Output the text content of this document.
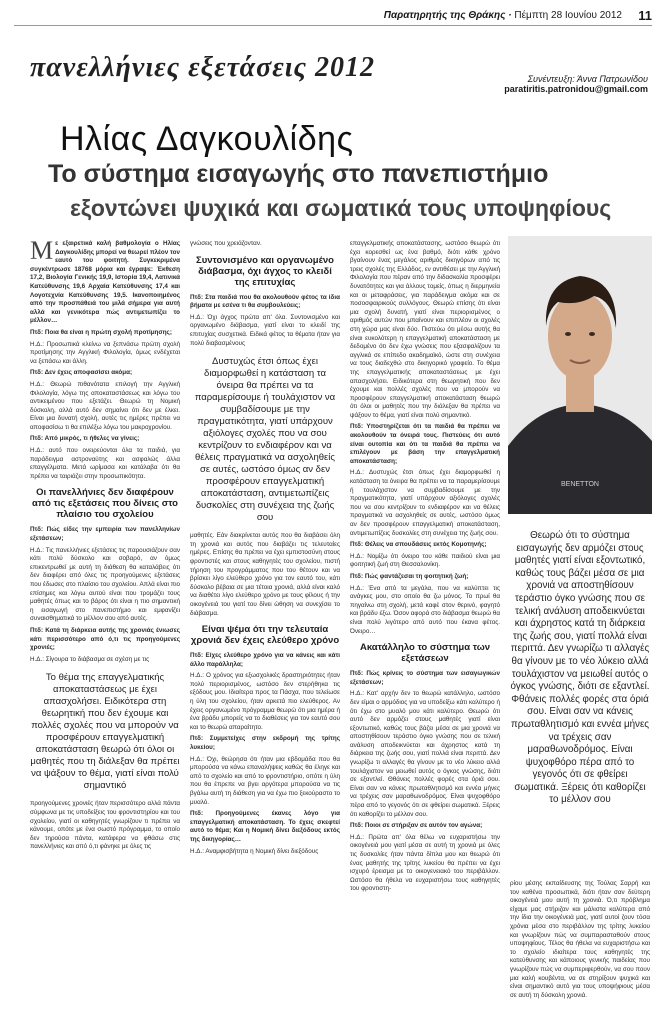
Παρατηρητής της Θράκης · Πέμπτη 28 Ιουνίου 2012 11
πανελλήνιες εξετάσεις 2012	Συνέντευξη: Άννα Πατρωνίδου
paratiritis.patronidou@gmail.com
Ηλίας Δαγκουλίδης
Το σύστημα εισαγωγής στο πανεπιστήμιο
εξοντώνει ψυχικά και σωματικά τους υποψηφίους

Με εξαιρετικά καλή βαθμολογία ο Ηλίας Δαγκουλίδης μπορεί να θεωρεί πλέον τον εαυτό του φοιτητή. Συγκεκριμένα συγκέντρωσε 18768 μόρια και έγραψε: Έκθεση 17,2, Βιολογία Γενικής 19,9, Ιστορία 19,4, Λατινικά Κατεύθυνσης 19,6 Αρχαία Κατεύθυνσης 17,4 και Λογοτεχνία Κατεύθυνσης 19,5. Ικανοποιημένος από την προσπάθειά του μιλά σήμερα για αυτή αλλά και γενικότερα πώς αντιμετωπίζει το μέλλον…

Πτδ: Ποια θα είναι η πρώτη σχολή προτίμησης;

Η.Δ.: Προσωπικά κλείνω να ξεπνάσω πρώτη σχολή προτίμησης την Αγγλική Φιλολογία, όμως ενδέχεται να ξεπάσω και άλλη.

Πτδ: Δεν έχεις αποφασίσει ακόμα;

Η.Δ.: Θεωρώ πιθανότατα επιλογή την Αγγλική Φιλολογία, λόγω της αποκαταστάσεως και λόγω του αντικειμένου που εξετάζει. Θεωρώ τη Νομική δύσκολη, αλλά αυτό δεν σημαίνει ότι δεν με έλκει. Είναι μια δυνατή σχολή, αυτές τις ημέρες πρέπει να αποφασίσω τι θα επιλέξω λόγω του μακροχρονίου.

Πτδ: Από μικρός, τι ήθελες να γίνεις;

Η.Δ.: αυτό που ονειρεύονται όλα τα παιδιά, για παράδειγμα αστροναύτης και ασφαλώς άλλα επαγγέλματα. Μετά ωρίμασα και κατάλαβα ότι θα πρέπει να ταιριάζει στην προσωπικότητα.

Οι πανελλήνιες δεν διαφέρουν από τις εξετάσεις που δίνεις στο πλαίσιο του σχολείου

Πτδ: Πώς είδες την εμπειρία των πανελληνίων εξετάσεων;

Η.Δ.: Τις πανελλήνιες εξετάσεις τις παρουσιάζουν σαν κάτι πολύ δύσκολο και σοβαρό, αν όμως επικεντρωθεί με αυτή τη διάθεση θα καταλάβεις ότι δεν διαφέρει από όλες τις προηγούμενες εξετάσεις που έδωσες στο πλαίσιο του σχολείου. Απλά είναι πιο επίσημες και λόγω αυτού είναι που τρομάζει τους μαθητές όπως και το βάρος ότι είναι η πιο σημαντική η εισαγωγή στο πανεπιστήμιο και εμφανίζει συναισθηματικά το μέλλον σου από αυτές.

Πτδ: Κατά τη διάρκεια αυτής της χρονιάς ένιωσες κάτι περισσότερο από ό,τι τις προηγούμενες χρονιές;

Η.Δ.: Σίγουρα το διάβασμα σε σχέση με τις

Το θέμα της επαγγελματικής αποκαταστάσεως με έχει απασχολήσει. Ειδικότερα στη θεωρητική που δεν έχουμε και πολλές σχολές που να μπορούν να προσφέρουν επαγγελματική αποκατάσταση θεωρώ ότι όλοι οι μαθητές που τη διάλεξαν θα πρέπει να ψάξουν το θέμα, γιατί είναι πολύ σημαντικό

προηγούμενες χρονιές ήταν περισσότερο αλλά πάντα σύμφωνα με τις υποδείξεις του φροντιστηρίου και του σχολείου, γιατί οι καθηγητές γνωρίζουν τι πρέπει να κάνουμε, οπότε με ένα σωστό πρόγραμμα, το οποίο δεν τηρούσα πάντα, κατάφερα να φθάσω στις πανελλήνιες και από ό,τι φάνηκε με όλες τις

γνώσεις που χρειάζονταν.

Συντονισμένο και οργανωμένο διάβασμα, όχι άγχος το κλειδί της επιτυχίας

Πτδ: Στα παιδιά που θα ακολουθούν φέτος τα ίδια βήματα με εσένα τι θα συμβουλεύεις;

Η.Δ.: Όχι άγχος πρώτα απ' όλα. Συντονισμένο και οργανωμένο διάβασμα, γιατί είναι το κλειδί της επιτυχίας συσχετικά. Ειδικά φέτος τα θέματα ήταν για πολύ διαβασμένους

Δυστυχώς έτσι όπως έχει διαμορφωθεί η κατάσταση τα όνειρα θα πρέπει να τα παραμερίσουμε ή τουλάχιστον να συμβαδίσουμε με την πραγματικότητα, γιατί υπάρχουν αξιόλογες σχολές που να σου κεντρίζουν το ενδιαφέρον και να θέλεις πραγματικά να ασχοληθείς σε αυτές, ωστόσο όμως αν δεν προσφέρουν επαγγελματική αποκατάσταση, αντιμετωπίζεις δυσκολίες στη συνέχεια της ζωής σου

μαθητές. Εάν διακρίνεται αυτός που θα διαβάσει όλη τη χρονιά και αυτός που διαβάζει τις τελευταίες ημέρες. Επίσης θα πρέπει να έχει εμπιστοσύνη στους φροντιστές και στους καθηγητές του σχολείου, πιστή τήρηση του προγράμματος που του θέτουν και να βρίσκει λίγο ελεύθερο χρόνο για τον εαυτό του, κάτι δύσκολο βέβαια σε μια τέτοια χρονιά, αλλά είναι καλό να διαθέτει λίγο ελεύθερο χρόνο με τους φίλους ή την οικογένειά του γιατί του δίνει ώθηση να συνεχίσει το διάβασμα.

Είναι ψέμα ότι την τελευταία χρονιά δεν έχεις ελεύθερο χρόνο

Πτδ: Είχες ελεύθερο χρόνο για να κάνεις και κάτι άλλο παράλληλα;

Η.Δ.: Ο χρόνος για εξωσχολικές δραστηριότητες ήταν πολύ περιορισμένος, ωστόσο δεν στερήθηκα τις εξόδους μου. Ιδιαίτερα προς τα Πάσχα, που τελείωσε η ύλη του σχολείου, ήταν αρκετά πιο ελεύθερος. Αν έχεις οργανωμένο πρόγραμμα θεωρώ ότι μια ημέρα ή ένα βράδυ μπορείς να το διαθέσεις για τον εαυτό σου και το θεωρώ απαραίτητο.

Πτδ: Συμμετείχες στην εκδρομή της τρίτης λυκείου;

Η.Δ.: Όχι, θεώρησα ότι ήταν μια εβδομάδα που θα μπορούσα να κάνω επαναλήψεις καθώς θα έληγε και από το σχολείο και από το φροντιστήριο, οπότε η ύλη που θα έπρεπε να βγει αργότερα μπορούσα να τις βγάλω αυτή τη διάθεση για να έχω πιο ξεκούραστο το μυαλό.

Πτδ: Προηγούμενες έκανες λόγο για επαγγελματική αποκατάσταση. Το έχεις σκεφτεί αυτό το θέμα; Και η Νομική δίνει διεξόδους εκτός της δικηγορίας…

Η.Δ.: Αναμφισβήτητα η Νομική δίνει διεξόδους

επαγγελματικής αποκατάστασης, ωστόσο θεωρώ ότι έχει κορεσθεί ως ένα βαθμό, διότι κάθε χρόνο βγαίνουν ένας μεγάλος αριθμός δικηγόρων από τις τρεις σχολές της Ελλάδος, εν αντιθέσει με την Αγγλική Φιλολογία που πέραν από την διδασκαλία προσφέρει δυνατότητες και για άλλους τομείς, όπως η διερμηνεία και οι μεταφράσεις, για παράδειγμα ακόμα και σε ποσοσφαιρικούς συλλόγους. Θεωρώ επίσης ότι είναι μια σχολή δυνατή, γιατί είναι περιορισμένος ο αριθμός αυτών που μπαίνουν και επιπλέον οι σχολές στη χώρα μας είναι δύο. Πιστεύω ότι μέσω αυτής θα είναι ευκολότερη η επαγγελματική αποκατάσταση με δεδομένο ότι δεν έχω γνώσεις που εξασφαλίζουν τα αγγλικά σε επίπεδο ακαδημαϊκό, ώστε στη συνέχεια να τους διαδεχθώ στο δικηγορικό γραφείο. Το θέμα της επαγγελματικής αποκαταστάσεως με έχει απασχολήσει. Ειδικότερα στη θεωρητική που δεν έχουμε και πολλές σχολές που να μπορούν να προσφέρουν επαγγελματική αποκατάσταση θεωρώ ότι όλοι οι μαθητές που την διάλεξαν θα πρέπει να ψάξουν το θέμα, γιατί είναι πολύ σημαντικό.

Πτδ: Υποστηρίζεται ότι τα παιδιά θα πρέπει να ακολουθούν τα όνειρά τους. Πιστεύεις ότι αυτό είναι ουτοπία και ότι τα παιδιά θα πρέπει να επιλέγουν με βάση την επαγγελματική αποκατάσταση;

Η.Δ.: Δυστυχώς έτσι όπως έχει διαμορφωθεί η κατάσταση τα όνειρα θα πρέπει να τα παραμερίσουμε ή τουλάχιστον να συμβαδίσουμε με την πραγματικότητα, γιατί υπάρχουν αξιόλογες σχολές που να σου κεντρίζουν το ενδιαφέρον και να θέλεις πραγματικά να ασχοληθείς σε αυτές, ωστόσο όμως αν δεν προσφέρουν επαγγελματική αποκατάσταση, αντιμετωπίζεις δυσκολίες στη συνέχεια της ζωής σου.

Πτδ: Θέλεις να σπουδάσεις εκτός Κομοτηνής;

Η.Δ.: Νομίζω ότι όνειρο του κάθε παιδιού είναι μια φοιτητική ζωή στη Θεσσαλονίκη.

Πτδ: Πώς φαντάζεσαι τη φοιτητική ζωή;

Η.Δ.: Ένα από τα μεγάλα, που να καλύπτει τις ανάγκες μου, στο οποίο θα ζω μόνος. Το πρωί θα πηγαίνω στη σχολή, μετά καφέ στον θερινό, φαγητό και βράδυ έξω. Όσον αφορά στο διάβασμα θεωρώ θα είναι πολύ λιγότερο από αυτό που έκανα φέτος. Όνειρο…

Ακατάλληλο το σύστημα των εξετάσεων

Πτδ: Πώς κρίνεις το σύστημα των εισαγωγικών εξετάσεων;

Η.Δ.: Κατ' αρχήν δεν το θεωρώ κατάλληλο, ωστόσο δεν είμαι ο αρμόδιος για να υποδείξω κάτι καλύτερο ή ότι έχω στο μυαλό μου κάτι καλύτερο. Θεωρώ ότι αυτό δεν αρμόζει στους μαθητές γιατί είναι εξοντωτικό, καθώς τους βάζει μέσα σε μια χρονιά να αποστηθίσουν τεράστιο όγκο γνώσης που σε τελική ανάλυση αποδεικνύεται και άχρηστος κατά τη διάρκεια της ζωής σου, γιατί πολλά είναι περιττά. Δεν γνωρίζω τι αλλαγές θα γίνουν με το νέο λύκειο αλλά τουλάχιστον να μειωθεί αυτός ο όγκος γνώσης, διότι σε εξαντλεί. Θθάνεις πολλές φορές στα όριά σου. Είναι σαν να κάνεις πρωταθλητισμό και εννέα μήνες να τρέχεις σαν μαραθωνοδρόμος. Είναι ψυχοφθόρο πέρα από το γεγονός ότι σε φθείρει σωματικά. Ξέρεις ότι καθορίζει το μέλλον σου.

Πτδ: Ποιοι σε στήριξαν σε αυτόν τον αγώνα;

Η.Δ.: Πρώτα απ' όλα θέλω να ευχαριστήσω την οικογένειά μου γιατί μέσα σε αυτή τη χρονιά με όλες τις δυσκολίες ήταν πάντα δίπλα μου και θεωρώ ότι ένας μαθητής της τρίτης λυκείου θα πρέπει να έχει ισχυρό έρεισμα με το οικογενειακό του περιβάλλον. Ωστόσο θα ήθελα να ευχαριστήσω τους καθηγητές του φροντιστη-

BENETTON
Θεωρώ ότι το σύστημα εισαγωγής δεν αρμόζει στους μαθητές γιατί είναι εξοντωτικό, καθώς τους βάζει μέσα σε μια χρονιά να αποστηθίσουν τεράστιο όγκο γνώσης που σε τελική ανάλυση αποδεικνύεται και άχρηστος κατά τη διάρκεια της ζωής σου, γιατί πολλά είναι περιττά. Δεν γνωρίζω τι αλλαγές θα γίνουν με το νέο λύκειο αλλά τουλάχιστον να μειωθεί αυτός ο όγκος γνώσης, διότι σε εξαντλεί. Φθάνεις πολλές φορές στα όριά σου. Είναι σαν να κάνεις πρωταθλητισμό και εννέα μήνες να τρέχεις σαν μαραθωνοδρόμος. Είναι ψυχοφθόρο πέρα από το γεγονός ότι σε φθείρει σωματικά. Ξέρεις ότι καθορίζει το μέλλον σου

ρίου μέσης εκπαίδευσης της Τούλας Σαρρή και τον καθένα προσωπικά, διότι ήταν σαν δεύτερη οικογένειά μου αυτή τη χρονιά. Ό,τι πρόβλημα είχαμε μας στήριζαν και μάλιστα καλύτερα από την ίδια την οικογένειά μας, γιατί αυτοί ζουν τόσα χρόνια μέσα στο περιβάλλον της τρίτης λυκείου και γνωρίζουν πώς να συμπαρασταθούν στους υποψηφίους. Τέλος θα ήθελα να ευχαριστήσω και το σχολείο ιδιαίτερα τους καθηγητές της κατεύθυνσης και κάποιους γενικής παιδείας που γνωρίζουν πώς να συμπεριφερθούν, να σου πουν μια καλή κουβέντα, να σε στηρίξουν ψυχικά και είναι σημαντικό αυτό για τους υποψήφιους μέσα σε αυτή τη δύσκολη χρονιά.
